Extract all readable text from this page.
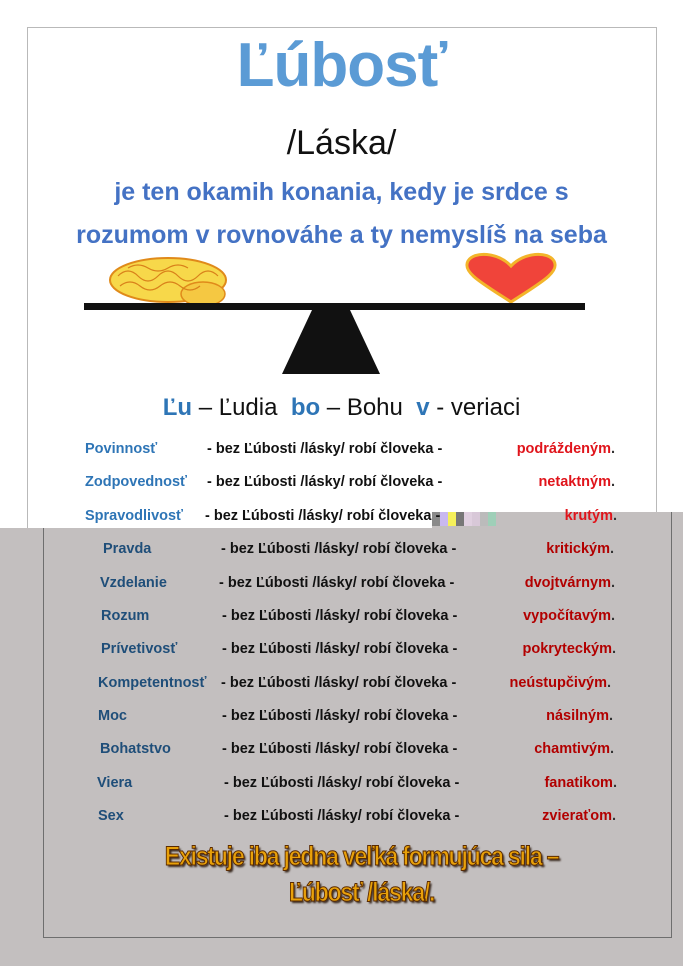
Ľúbosť
/Láska/
je ten okamih konania, kedy je srdce s rozumom v rovnováhe a ty nemyslíš na seba
Ľu – Ľudia bo – Bohu v - veriaci
Povinnosť	- bez Ľúbosti /lásky/ robí človeka -	podráždeným.
Zodpovednosť - bez Ľúbosti /lásky/ robí človeka -	netaktným.
Spravodlivosť - bez Ľúbosti /lásky/ robí človeka -	krutým.
Pravda	- bez Ľúbosti /lásky/ robí človeka -	kritickým.
Vzdelanie	- bez Ľúbosti /lásky/ robí človeka -	dvojtvárnym.
Rozum	- bez Ľúbosti /lásky/ robí človeka -	vypočítavým.
Prívetivosť	- bez Ľúbosti /lásky/ robí človeka -	pokryteckým.
Kompetentnosť - bez Ľúbosti /lásky/ robí človeka -	neústupčivým.
Moc	- bez Ľúbosti /lásky/ robí človeka -	násilným.
Bohatstvo	- bez Ľúbosti /lásky/ robí človeka -	chamtivým.
Viera	- bez Ľúbosti /lásky/ robí človeka -	fanatikom.
Sex	- bez Ľúbosti /lásky/ robí človeka -	zvieraťom.
Existuje iba jedna veľká formujúca sila –
Ľúbosť /láska/.
